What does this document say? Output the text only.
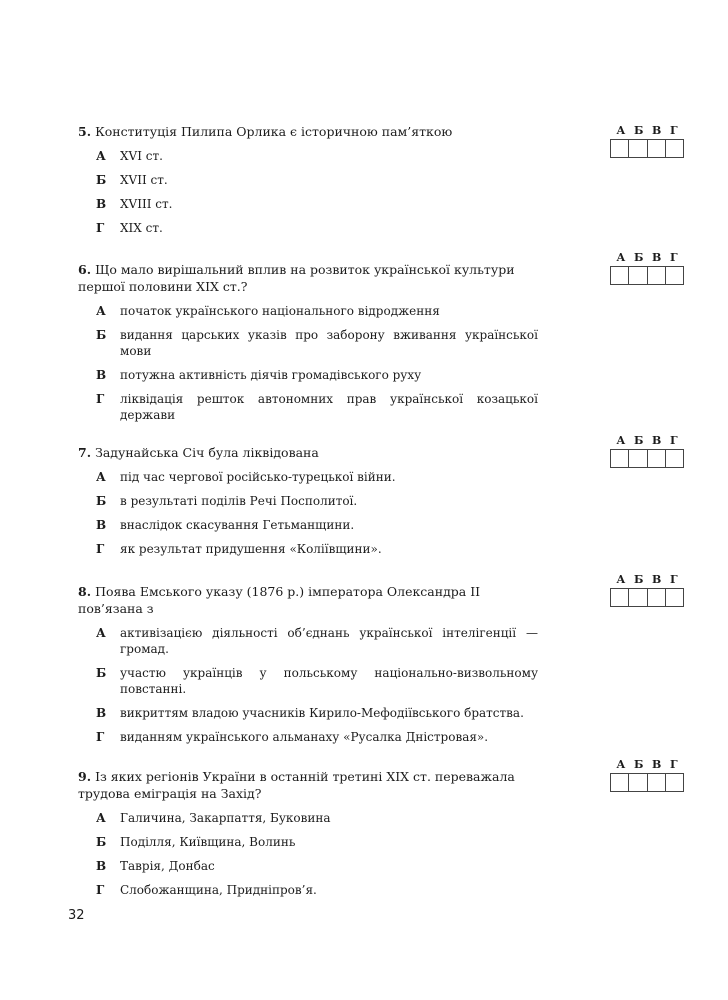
5. Конституція Пилипа Орлика є історичною пам’яткою

А	XVI ст.
Б	XVII ст.
В	XVIII ст.
Г	XIX ст.
А Б В Г

6. Що мало вирішальний вплив на розвиток української культури першої половини XIX ст.?

А	початок українського національного відродження
Б	видання царських указів про заборону вживання української мови
В	потужна активність діячів громадівського руху
Г	ліквідація решток автономних прав української козацької держави
А Б В Г

7. Задунайська Січ була ліквідована

А	під час чергової російсько-турецької війни.
Б	в результаті поділів Речі Посполитої.
В	внаслідок скасування Гетьманщини.
Г	як результат придушення «Коліївщини».
А Б В Г

8. Поява Емського указу (1876 р.) імператора Олександра II пов’язана з

А	активізацією діяльності об’єднань української інтелігенції — громад.
Б	участю українців у польському національно-визвольному повстанні.
В	викриттям владою учасників Кирило-Мефодіївського братства.
Г	виданням українського альманаху «Русалка Дністровая».
А Б В Г

9. Із яких регіонів України в останній третині XIX ст. переважала трудова еміграція на Захід?

А	Галичина, Закарпаття, Буковина
Б	Поділля, Київщина, Волинь
В	Таврія, Донбас
Г	Слобожанщина, Придніпров’я.
А Б В Г
32
